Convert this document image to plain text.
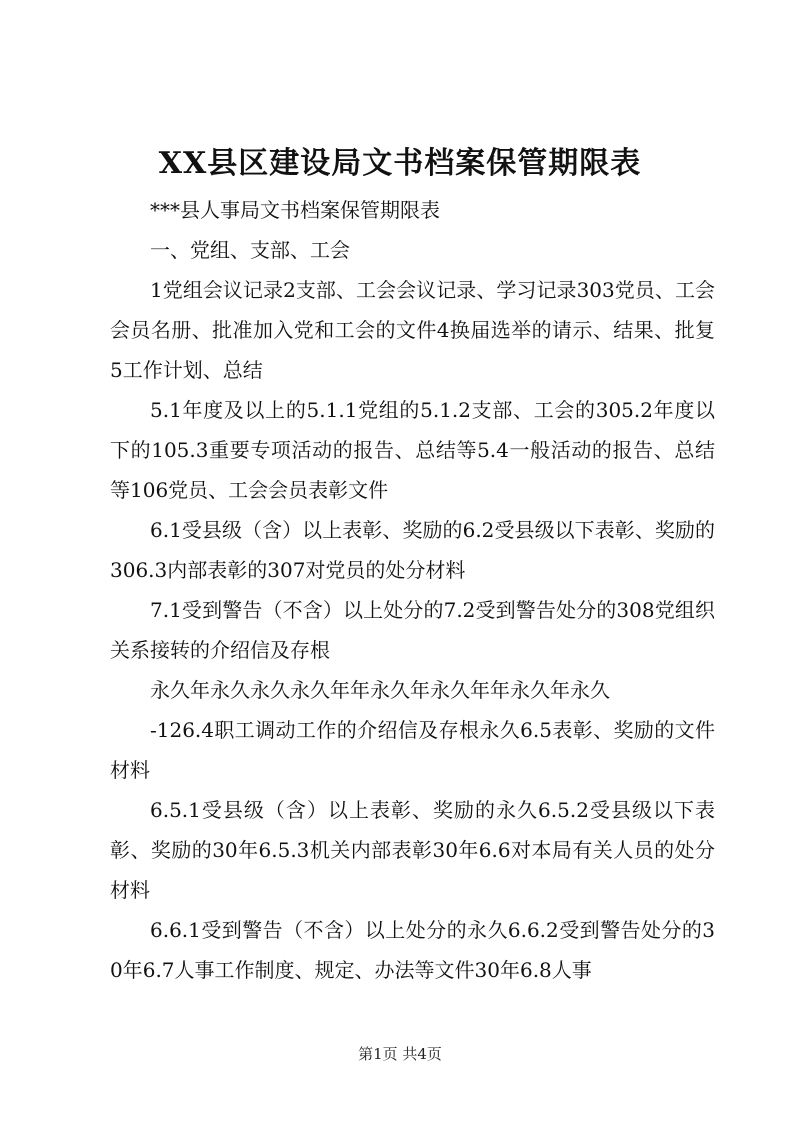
XX县区建设局文书档案保管期限表

***县人事局文书档案保管期限表

一、党组、支部、工会

1党组会议记录2支部、工会会议记录、学习记录303党员、工会会员名册、批准加入党和工会的文件4换届选举的请示、结果、批复5工作计划、总结

5.1年度及以上的5.1.1党组的5.1.2支部、工会的305.2年度以下的105.3重要专项活动的报告、总结等5.4一般活动的报告、总结等106党员、工会会员表彰文件

6.1受县级（含）以上表彰、奖励的6.2受县级以下表彰、奖励的306.3内部表彰的307对党员的处分材料

7.1受到警告（不含）以上处分的7.2受到警告处分的308党组织关系接转的介绍信及存根

永久年永久永久永久年年永久年永久年年永久年永久

-126.4职工调动工作的介绍信及存根永久6.5表彰、奖励的文件材料

6.5.1受县级（含）以上表彰、奖励的永久6.5.2受县级以下表彰、奖励的30年6.5.3机关内部表彰30年6.6对本局有关人员的处分材料

6.6.1受到警告（不含）以上处分的永久6.6.2受到警告处分的30年6.7人事工作制度、规定、办法等文件30年6.8人事

第1页 共4页
